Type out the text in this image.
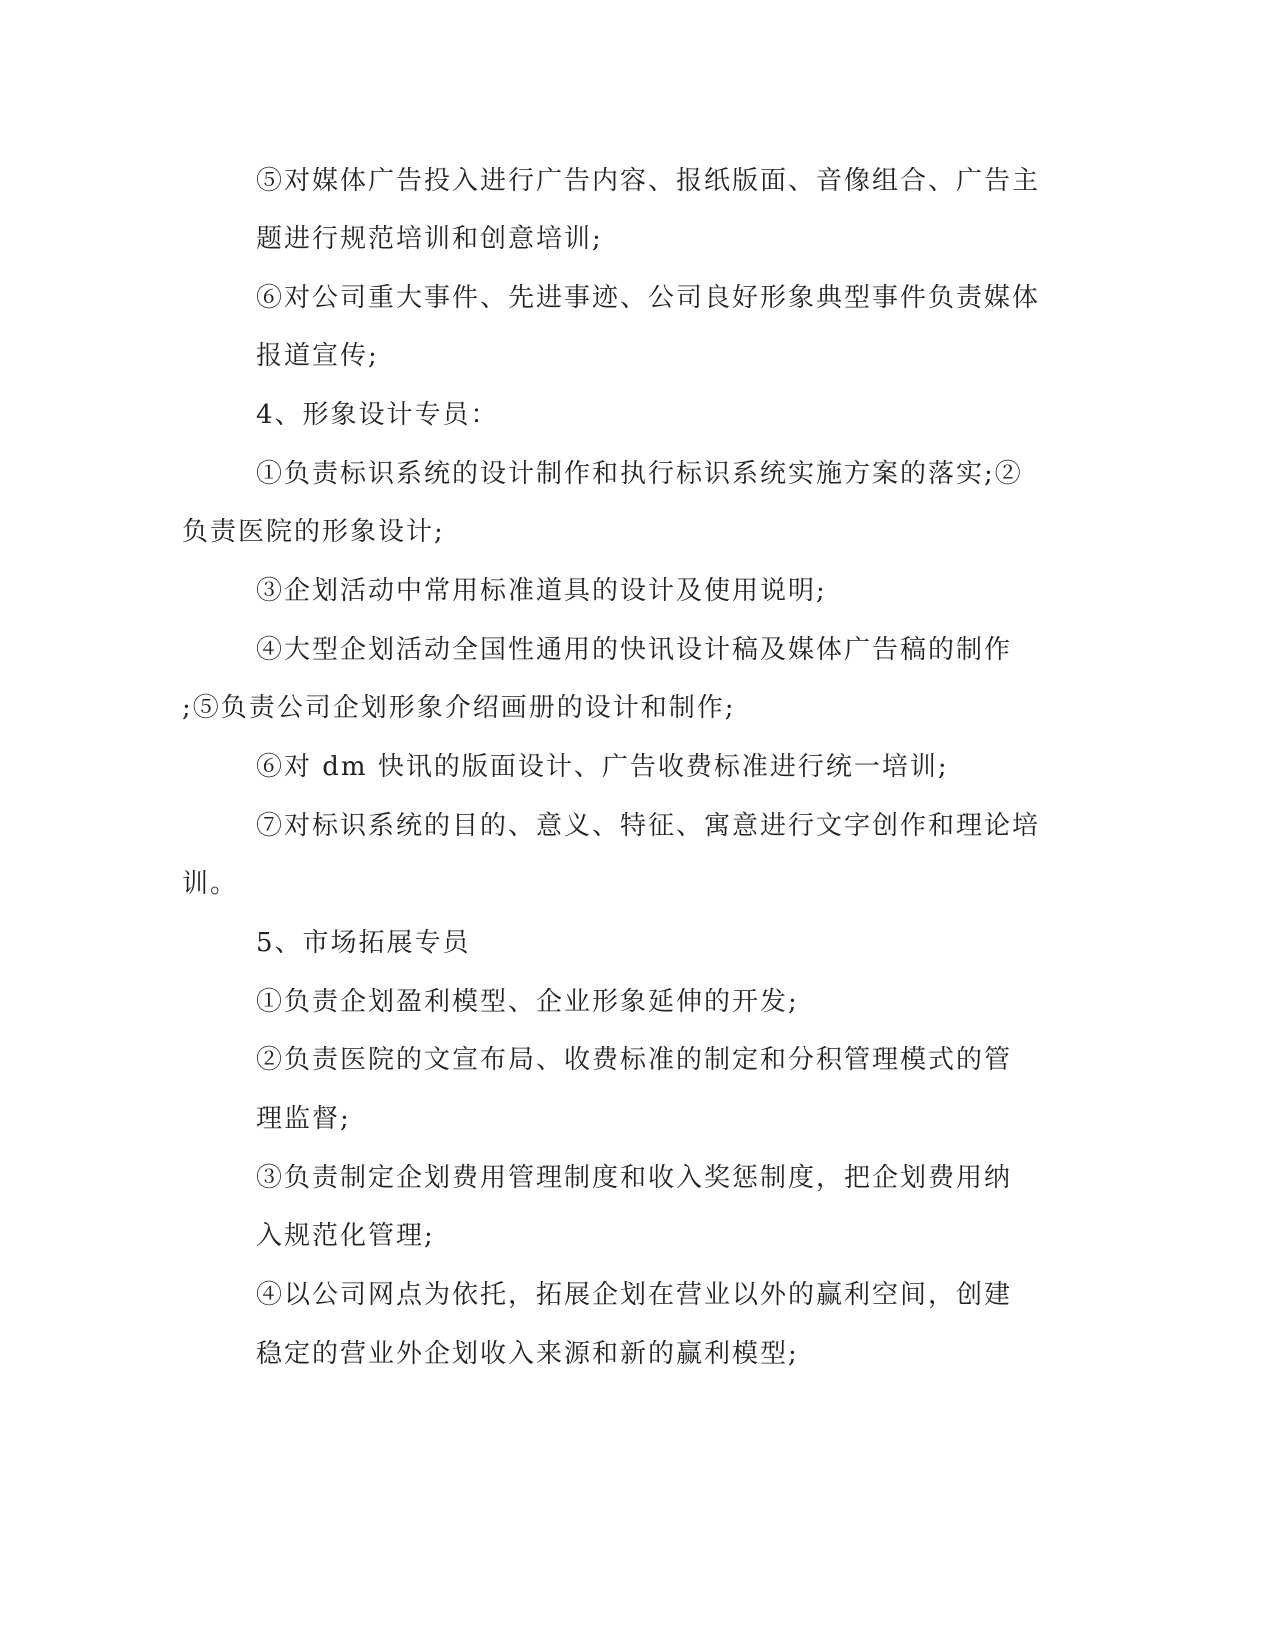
⑤对媒体广告投入进行广告内容、报纸版面、音像组合、广告主
题进行规范培训和创意培训;
⑥对公司重大事件、先进事迹、公司良好形象典型事件负责媒体
报道宣传;
4、形象设计专员：
①负责标识系统的设计制作和执行标识系统实施方案的落实;②
负责医院的形象设计;
③企划活动中常用标准道具的设计及使用说明;
④大型企划活动全国性通用的快讯设计稿及媒体广告稿的制作
;⑤负责公司企划形象介绍画册的设计和制作;
⑥对 dm 快讯的版面设计、广告收费标准进行统一培训;
⑦对标识系统的目的、意义、特征、寓意进行文字创作和理论培
训。
5、市场拓展专员
①负责企划盈利模型、企业形象延伸的开发;
②负责医院的文宣布局、收费标准的制定和分积管理模式的管
理监督;
③负责制定企划费用管理制度和收入奖惩制度，把企划费用纳
入规范化管理;
④以公司网点为依托，拓展企划在营业以外的赢利空间，创建
稳定的营业外企划收入来源和新的赢利模型;
